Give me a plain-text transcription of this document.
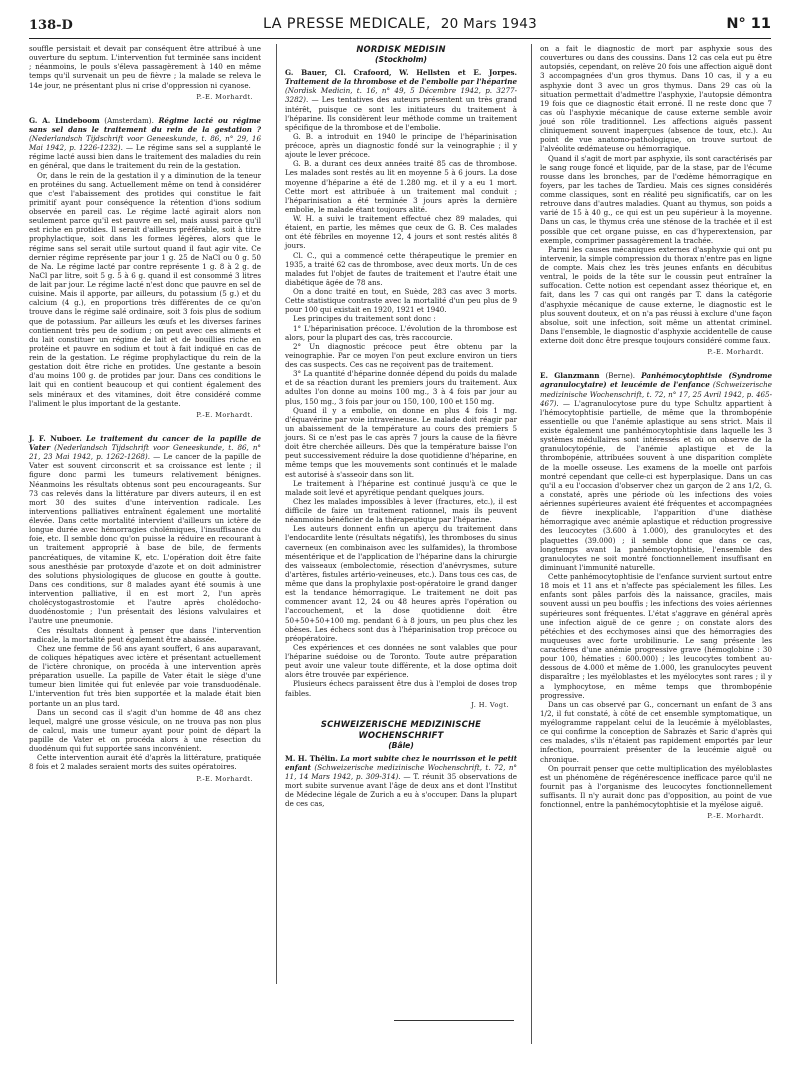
138-D	LA PRESSE MEDICALE, 20 Mars 1943	N° 11

souffle persistait et devait par conséquent être attribué à une ouverture du septum. L'intervention fut terminée sans incident ; néanmoins, le pouls s'éleva passagèrement à 140 en même temps qu'il survenait un peu de fièvre ; la malade se releva le 14e jour, ne présentant plus ni crise d'oppression ni cyanose.

P.-E. Morhardt.

G. A. Lindeboom (Amsterdam). Régime lacté ou régime sans sel dans le traitement du rein de la gestation ? (Nederlandsch Tijdschrift voor Geneeskunde, t. 86, n° 29, 16 Mai 1942, p. 1226-1232). — Le régime sans sel a supplanté le régime lacté aussi bien dans le traitement des maladies du rein en général, que dans le traitement du rein de la gestation.

Or, dans le rein de la gestation il y a diminution de la teneur en protéines du sang. Actuellement même on tend à considérer que c'est l'abaissement des protides qui constitue le fait primitif ayant pour conséquence la rétention d'ions sodium observée en pareil cas. Le régime lacté agirait alors non seulement parce qu'il est pauvre en sel, mais aussi parce qu'il est riche en protides. Il serait d'ailleurs préférable, soit à titre prophylactique, soit dans les formes légères, alors que le régime sans sel serait utile surtout quand il faut agir vite. Ce dernier régime représente par jour 1 g. 25 de NaCl ou 0 g. 50 de Na. Le régime lacté par contre représente 1 g. 8 à 2 g. de NaCl par litre, soit 5 g. 5 à 6 g. quand il est consommé 3 litres de lait par jour. Le régime lacté n'est donc que pauvre en sel de cuisine. Mais il apporte, par ailleurs, du potassium (5 g.) et du calcium (4 g.), en proportions très différentes de ce qu'on trouve dans le régime salé ordinaire, soit 3 fois plus de sodium que de potassium. Par ailleurs les œufs et les diverses farines contiennent très peu de sodium ; on peut avec ces aliments et du lait constituer un régime de lait et de bouillies riche en protéine et pauvre en sodium et tout à fait indiqué en cas de rein de la gestation. Le régime prophylactique du rein de la gestation doit être riche en protides. Une gestante a besoin d'au moins 100 g. de protides par jour. Dans ces conditions le lait qui en contient beaucoup et qui contient également des sels minéraux et des vitamines, doit être considéré comme l'aliment le plus important de la gestante.

P.-E. Morhardt.

J. F. Nuboer. Le traitement du cancer de la papille de Vater (Nederlandsch Tijdschrift voor Geneeskunde, t. 86, n° 21, 23 Mai 1942, p. 1262-1268). — Le cancer de la papille de Vater est souvent circonscrit et sa croissance est lente ; il figure donc parmi les tumeurs relativement bénignes. Néanmoins les résultats obtenus sont peu encourageants. Sur 73 cas relevés dans la littérature par divers auteurs, il en est mort 30 des suites d'une intervention radicale. Les interventions palliatives entraînent également une mortalité élevée. Dans cette mortalité intervient d'ailleurs un ictère de longue durée avec hémorragies cholémiques, l'insuffisance du foie, etc. Il semble donc qu'on puisse la réduire en recourant à un traitement approprié à base de bile, de ferments pancréatiques, de vitamine K, etc. L'opération doit être faite sous anesthésie par protoxyde d'azote et on doit administrer des solutions physiologiques de glucose en goutte à goutte. Dans ces conditions, sur 8 malades ayant été soumis à une intervention palliative, il en est mort 2, l'un après cholécystogastrostomie et l'autre après cholédocho-duodénostomie ; l'un présentait des lésions valvulaires et l'autre une pneumonie.

Ces résultats donnent à penser que dans l'intervention radicale, la mortalité peut également être abaissée.

Chez une femme de 56 ans ayant souffert, 6 ans auparavant, de coliques hépatiques avec ictère et présentant actuellement de l'ictère chronique, on procéda à une intervention après préparation usuelle. La papille de Vater était le siège d'une tumeur bien limitée qui fut enlevée par voie transduodénale. L'intervention fut très bien supportée et la malade était bien portante un an plus tard.

Dans un second cas il s'agit d'un homme de 48 ans chez lequel, malgré une grosse vésicule, on ne trouva pas non plus de calcul, mais une tumeur ayant pour point de départ la papille de Vater et on procéda alors à une résection du duodénum qui fut supportée sans inconvénient.

Cette intervention aurait été d'après la littérature, pratiquée 8 fois et 2 malades seraient morts des suites opératoires.

P.-E. Morhardt.
NORDISK MEDISIN
(Stockholm)

G. Bauer, Cl. Crafoord, W. Hellsten et E. Jorpes. Traitement de la thrombose et de l'embolie par l'héparine (Nordisk Medicin, t. 16, n° 49, 5 Décembre 1942, p. 3277-3282). — Les tentatives des auteurs présentent un très grand intérêt, puisque ce sont les initiateurs du traitement à l'héparine. Ils considèrent leur méthode comme un traitement spécifique de la thrombose et de l'embolie.

G. B. a introduit en 1940 le principe de l'héparinisation précoce, après un diagnostic fondé sur la veinographie ; il y ajoute le lever précoce.

G. B. a durant ces deux années traité 85 cas de thrombose. Les malades sont restés au lit en moyenne 5 à 6 jours. La dose moyenne d'héparine a été de 1.280 mg. et il y a eu 1 mort. Cette mort est attribuée à un traitement mal conduit ; l'héparinisation a été terminée 3 jours après la dernière embolie, le malade étant toujours alité.

W. H. a suivi le traitement effectué chez 89 malades, qui étaient, en partie, les mêmes que ceux de G. B. Ces malades ont été fébriles en moyenne 12, 4 jours et sont restés alités 8 jours.

Cl. C., qui a commencé cette thérapeutique le premier en 1935, a traité 62 cas de thrombose, avec deux morts. Un de ces malades fut l'objet de fautes de traitement et l'autre était une diabétique âgée de 78 ans.

On a donc traité en tout, en Suède, 283 cas avec 3 morts. Cette statistique contraste avec la mortalité d'un peu plus de 9 pour 100 qui existait en 1920, 1921 et 1940.

Les principes du traitement sont donc :

1° L'héparinisation précoce. L'évolution de la thrombose est alors, pour la plupart des cas, très raccourcie.

2° Un diagnostic précoce peut être obtenu par la veinographie. Par ce moyen l'on peut exclure environ un tiers des cas suspects. Ces cas ne reçoivent pas de traitement.

3° La quantité d'héparine donnée dépend du poids du malade et de sa réaction durant les premiers jours du traitement. Aux adultes l'on donne au moins 100 mg., 3 à 4 fois par jour au plus, 150 mg., 3 fois par jour ou 150, 100, 100 et 150 mg.

Quand il y a embolie, on donne en plus 4 fois 1 mg. d'équavérine par voie intraveineuse. Le malade doit réagir par un abaissement de la température au cours des premiers 5 jours. Si ce n'est pas le cas après 7 jours la cause de la fièvre doit être cherchée ailleurs. Dès que la température baisse l'on peut successivement réduire la dose quotidienne d'héparine, en même temps que les mouvements sont continués et le malade est autorisé à s'asseoir dans son lit.

Le traitement à l'héparine est continué jusqu'à ce que le malade soit levé et apyrétique pendant quelques jours.

Chez les malades impossibles à lever (fractures, etc.), il est difficile de faire un traitement rationnel, mais ils peuvent néanmoins bénéficier de la thérapeutique par l'héparine.

Les auteurs donnent enfin un aperçu du traitement dans l'endocardite lente (résultats négatifs), les thromboses du sinus caverneux (en combinaison avec les sulfamides), la thrombose mésentérique et de l'application de l'héparine dans la chirurgie des vaisseaux (embolectomie, résection d'anévrysmes, suture d'artères, fistules artério-veineuses, etc.). Dans tous ces cas, de même que dans la prophylaxie post-opératoire le grand danger est la tendance hémorragique. Le traitement ne doit pas commencer avant 12, 24 ou 48 heures après l'opération ou l'accouchement, et la dose quotidienne doit être 50+50+50+100 mg. pendant 6 à 8 jours, un peu plus chez les obèses. Les échecs sont dus à l'héparinisation trop précoce ou préopératoire.

Ces expériences et ces données ne sont valables que pour l'héparine suédoise ou de Toronto. Toute autre préparation peut avoir une valeur toute différente, et la dose optima doit alors être trouvée par expérience.

Plusieurs échecs paraissent être dus à l'emploi de doses trop faibles.

J. H. Vogt.
SCHWEIZERISCHE MEDIZINISCHE
WOCHENSCHRIFT
(Bâle)

M. H. Thélin. La mort subite chez le nourrisson et le petit enfant (Schweizerische medizinische Wochenschrift, t. 72, n° 11, 14 Mars 1942, p. 309-314). — T. réunit 35 observations de mort subite survenue avant l'âge de deux ans et dont l'Institut de Médecine légale de Zurich a eu à s'occuper. Dans la plupart de ces cas,

on a fait le diagnostic de mort par asphyxie sous des couvertures ou dans des coussins. Dans 12 cas cela eut pu être autopsiés, cependant, on relève 20 fois une affection aiguë dont 3 accompagnées d'un gros thymus. Dans 10 cas, il y a eu asphyxie dont 3 avec un gros thymus. Dans 29 cas où la situation permettait d'admettre l'asphyxie, l'autopsie démontra 19 fois que ce diagnostic était erroné. Il ne reste donc que 7 cas où l'asphyxie mécanique de cause externe semble avoir joué son rôle traditionnel. Les affections aiguës passent cliniquement souvent inaperçues (absence de toux, etc.). Au point de vue anatomo-pathologique, on trouve surtout de l'alvéolite œdémateuse ou hémorragique.

Quand il s'agit de mort par asphyxie, ils sont caractérisés par le sang rouge foncé et liquide, par de la stase, par de l'écume rousse dans les bronches, par de l'œdème hémorragique en foyers, par les taches de Tardieu. Mais ces signes considérés comme classiques, sont en réalité peu significatifs, car on les retrouve dans d'autres maladies. Quant au thymus, son poids a varié de 15 à 40 g., ce qui est un peu supérieur à la moyenne. Dans un cas, le thymus créa une sténose de la trachée et il est possible que cet organe puisse, en cas d'hyperextension, par exemple, comprimer passagèrement la trachée.

Parmi les causes mécaniques externes d'asphyxie qui ont pu intervenir, la simple compression du thorax n'entre pas en ligne de compte. Mais chez les très jeunes enfants en décubitus ventral, le poids de la tête sur le coussin peut entraîner la suffocation. Cette notion est cependant assez théorique et, en fait, dans les 7 cas qui ont rangés par T. dans la catégorie d'asphyxie mécanique de cause externe, le diagnostic est le plus souvent douteux, et on n'a pas réussi à exclure d'une façon absolue, soit une infection, soit même un attentat criminel. Dans l'ensemble, le diagnostic d'asphyxie accidentelle de cause externe doit donc être presque toujours considéré comme faux.

P.-E. Morhardt.

E. Glanzmann (Berne). Panhémocytophtisie (Syndrome agranulocytaire) et leucémie de l'enfance (Schweizerische medizinische Wochenschrift, t. 72, n° 17, 25 Avril 1942, p. 465-467). — L'agranulocytose pure du type Schultz appartient à l'hémocytophtisie partielle, de même que la thrombopénie essentielle ou que l'anémie aplastique au sens strict. Mais il existe également une panhémocytophtisie dans laquelle les 3 systèmes médullaires sont intéressés et où on observe de la granulocytopénie, de l'anémie aplastique et de la thrombopénie, attribuées souvent à une disparition complète de la moelle osseuse. Les examens de la moelle ont parfois montré cependant que celle-ci est hyperplasique. Dans un cas qu'il a eu l'occasion d'observer chez un garçon de 2 ans 1/2, G. a constaté, après une période où les infections des voies aériennes supérieures avaient été fréquentes et accompagnées de fièvre inexplicable, l'apparition d'une diathèse hémorragique avec anémie aplastique et réduction progressive des leucocytes (3.600 à 1.000), des granulocytes et des plaquettes (39.000) ; il semble donc que dans ce cas, longtemps avant la panhémocytophtisie, l'ensemble des granulocytes ne soit montré fonctionnellement insuffisant en diminuant l'immunité naturelle.

Cette panhémocytophtisie de l'enfance survient surtout entre 18 mois et 11 ans et n'affecte pas spécialement les filles. Les enfants sont pâles parfois dès la naissance, graciles, mais souvent aussi un peu bouffis ; les infections des voies aériennes supérieures sont fréquentes. L'état s'aggrave en général après une infection aiguë de ce genre ; on constate alors des pétéchies et des ecchymoses ainsi que des hémorragies des muqueuses avec forte urobilinurie. Le sang présente les caractères d'une anémie progressive grave (hémoglobine : 30 pour 100, hématies : 600.000) ; les leucocytes tombent au-dessous de 4.000 et même de 1.000, les granulocytes peuvent disparaître ; les myéloblastes et les myélocytes sont rares ; il y a lymphocytose, en même temps que thrombopénie progressive.

Dans un cas observé par G., concernant un enfant de 3 ans 1/2, il fut constaté, à côté de cet ensemble symptomatique, un myélogramme rappelant celui de la leucémie à myéloblastes, ce qui confirme la conception de Sabrazès et Saric d'après qui ces malades, s'ils n'étaient pas rapidement emportés par leur infection, pourraient présenter de la leucémie aiguë ou chronique.

On pourrait penser que cette multiplication des myéloblastes est un phénomène de régénérescence inefficace parce qu'il ne fournit pas à l'organisme des leucocytes fonctionnellement suffisants. Il n'y aurait donc pas d'opposition, au point de vue fonctionnel, entre la panhémocytophtisie et la myélose aiguë.

P.-E. Morhardt.
